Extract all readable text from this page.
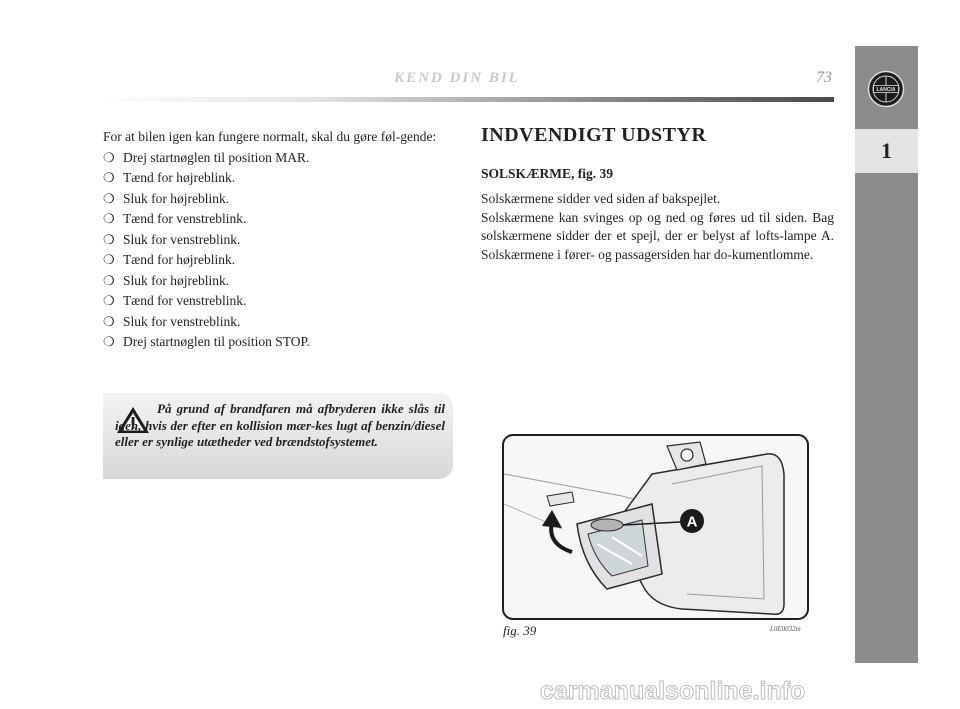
KEND DIN BIL	73
1
LANCIA

For at bilen igen kan fungere normalt, skal du gøre føl-gende:

❍ Drej startnøglen til position MAR.
❍ Tænd for højreblink.
❍ Sluk for højreblink.
❍ Tænd for venstreblink.
❍ Sluk for venstreblink.
❍ Tænd for højreblink.
❍ Sluk for højreblink.
❍ Tænd for venstreblink.
❍ Sluk for venstreblink.
❍ Drej startnøglen til position STOP.
På grund af brandfaren må afbryderen ikke slås til igen, hvis der efter en kollision mær-kes lugt af benzin/diesel eller er synlige utætheder ved brændstofsystemet.
INDVENDIGT UDSTYR
SOLSKÆRME, fig. 39

Solskærmene sidder ved siden af bakspejlet.

Solskærmene kan svinges op og ned og føres ud til siden. Bag solskærmene sidder der et spejl, der er belyst af lofts-lampe A. Solskærmene i fører- og passagersiden har do-kumentlomme.

A
fig. 39	L0E0032m
carmanualsonline.info
